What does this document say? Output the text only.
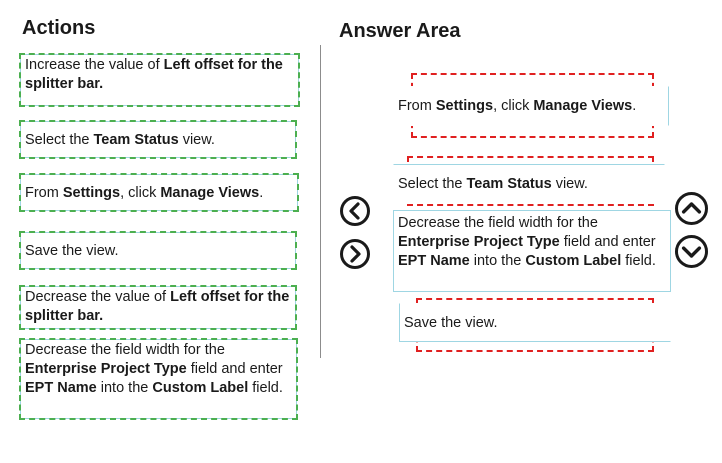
Actions	Answer Area
Increase the value of Left offset for the splitter bar.
Select the Team Status view.
From Settings, click Manage Views.
Save the view.
Decrease the value of Left offset for the splitter bar.
Decrease the field width for the Enterprise Project Type field and enter EPT Name into the Custom Label field.
From Settings, click Manage Views.
Select the Team Status view.
Decrease the field width for the Enterprise Project Type field and enter EPT Name into the Custom Label field.
Save the view.
